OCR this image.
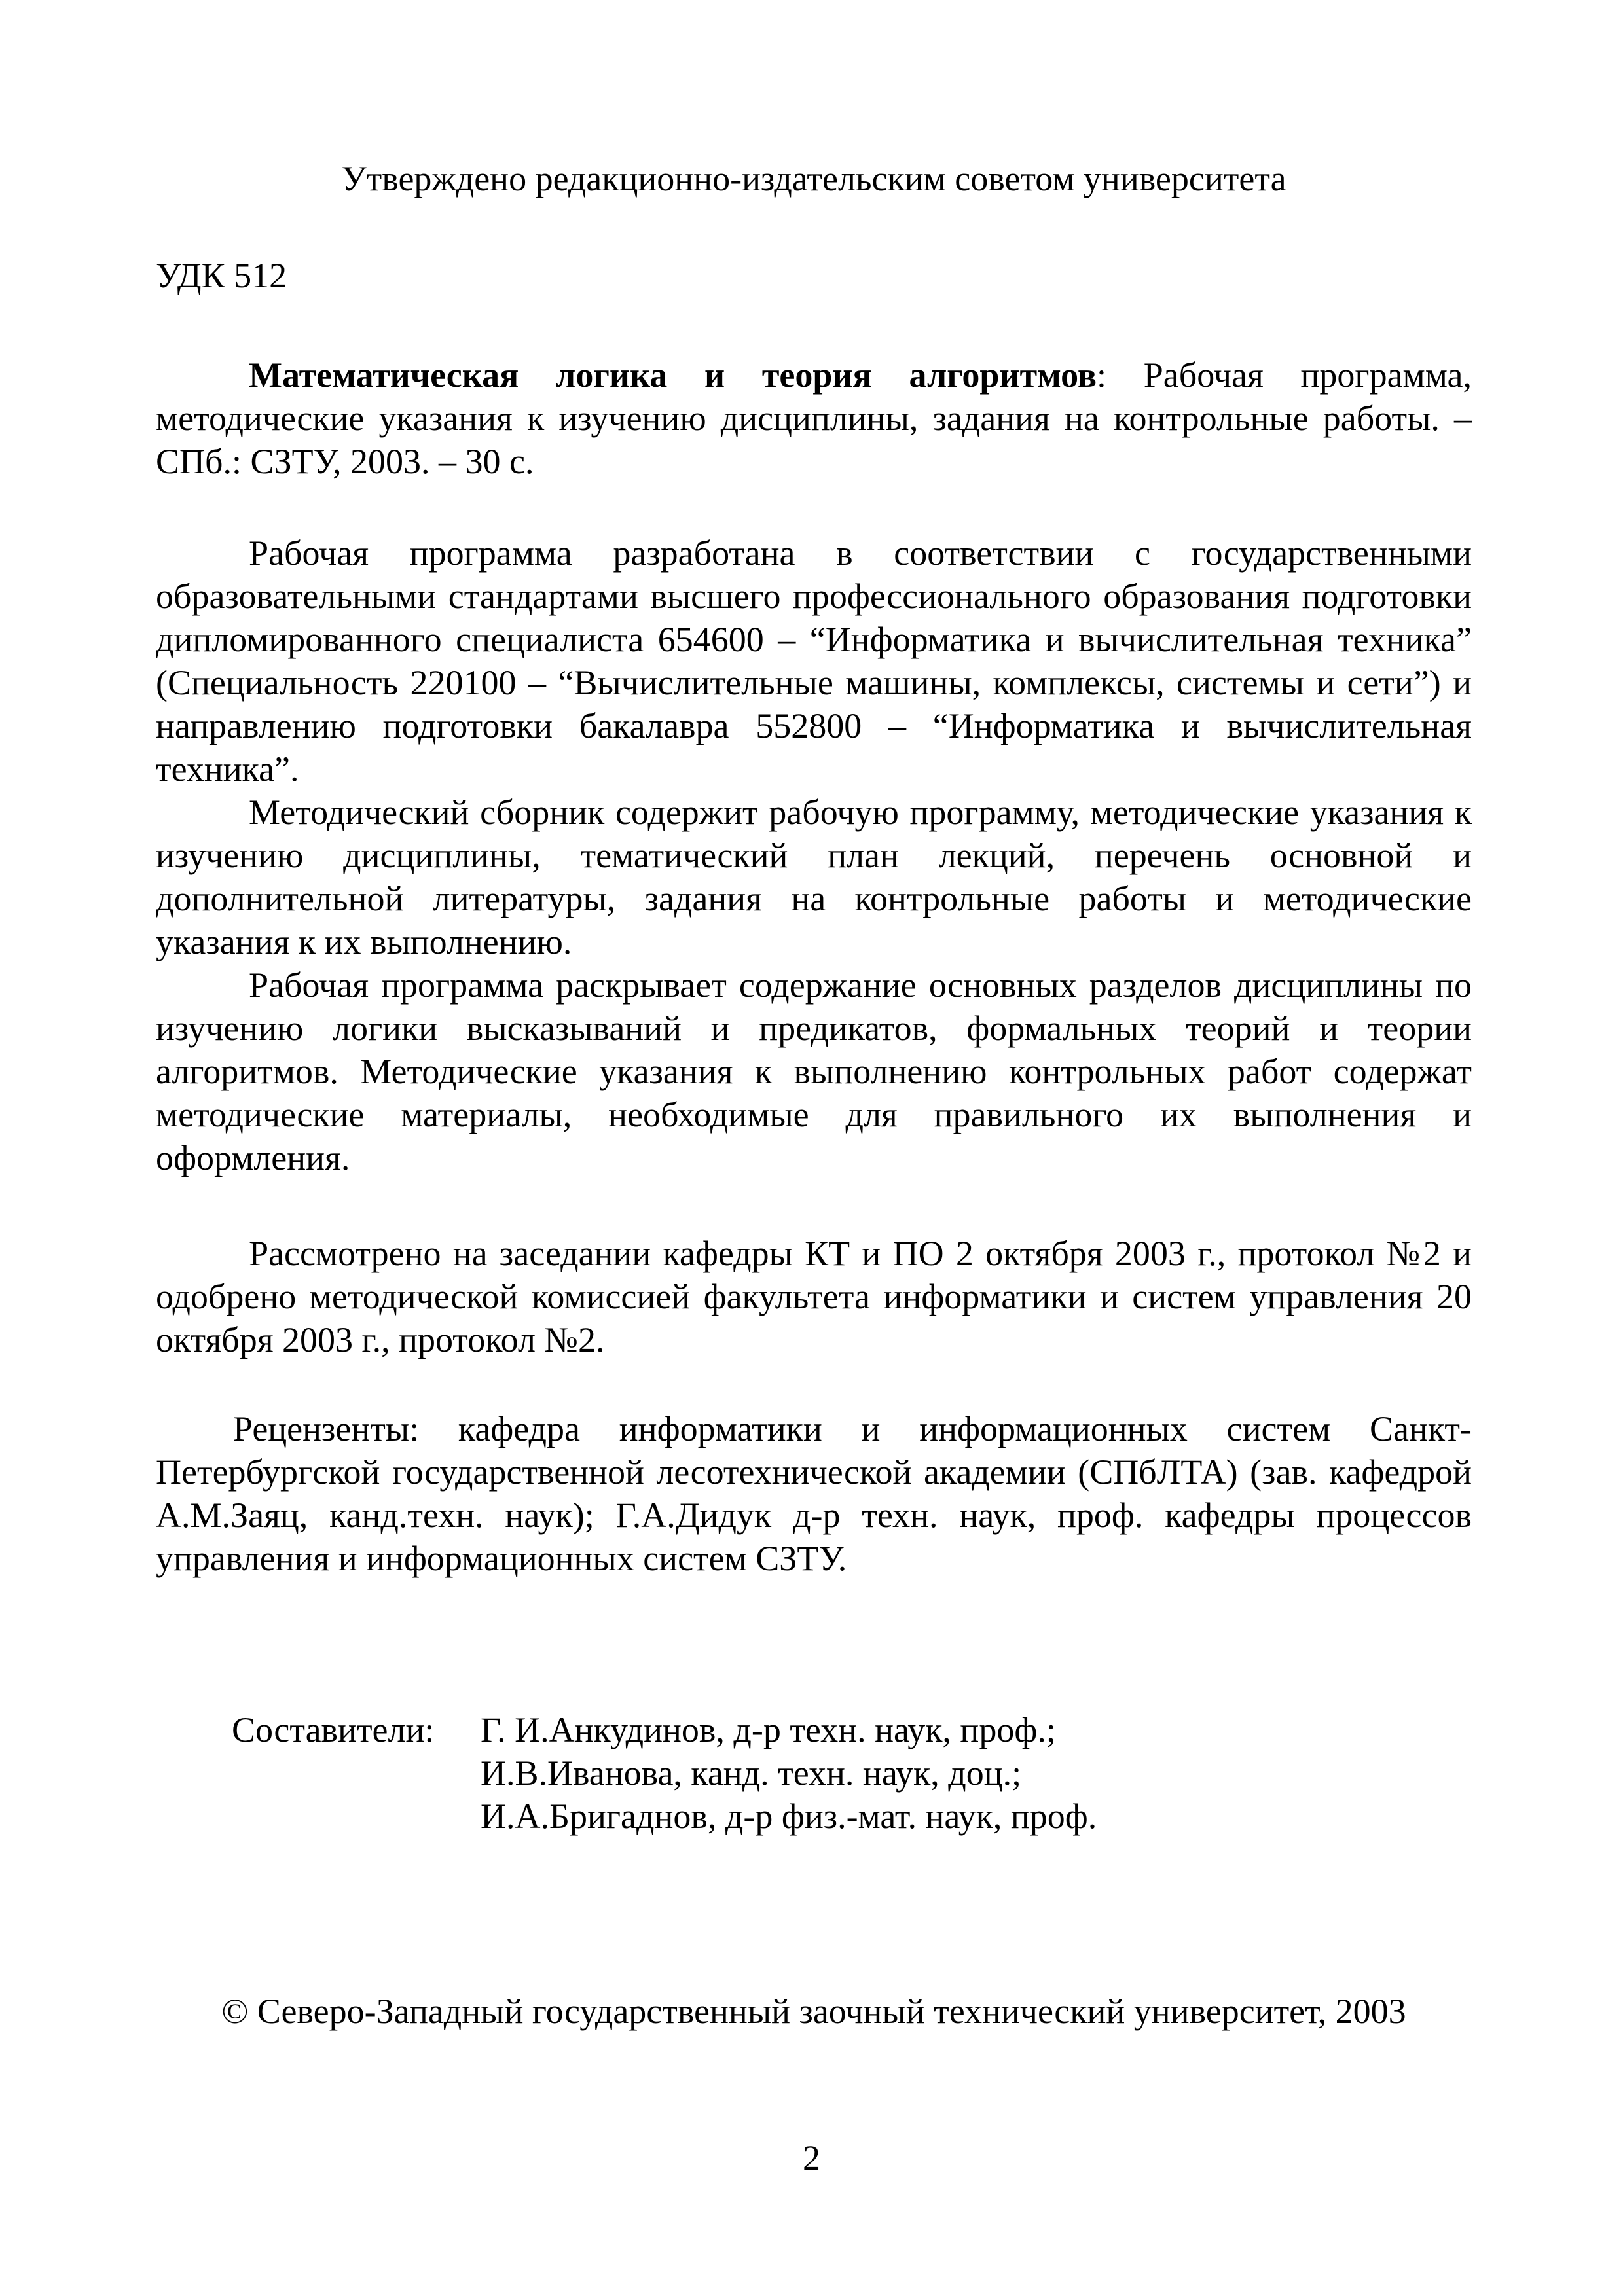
Утверждено редакционно-издательским советом университета
УДК 512

Математическая логика и теория алгоритмов: Рабочая программа, методические указания к изучению дисциплины, задания на контрольные работы. – СПб.: СЗТУ, 2003. – 30 с.

Рабочая программа разработана в соответствии с государственными образовательными стандартами высшего профессионального образования подготовки дипломированного специалиста 654600 – “Информатика и вычислительная техника” (Специальность 220100 – “Вычислительные машины, комплексы, системы и сети”) и направлению подготовки бакалавра 552800 – “Информатика и вычислительная техника”.

Методический сборник содержит рабочую программу, методические указания к изучению дисциплины, тематический план лекций, перечень основной и дополнительной литературы, задания на контрольные работы и методические указания к их выполнению.

Рабочая программа раскрывает содержание основных разделов дисциплины по изучению логики высказываний и предикатов, формальных теорий и теории алгоритмов. Методические указания к выполнению контрольных работ содержат методические материалы, необходимые для правильного их выполнения и оформления.

Рассмотрено на заседании кафедры КТ и ПО 2 октября 2003 г., протокол №2 и одобрено методической комиссией факультета информатики и систем управления 20 октября 2003 г., протокол №2.

Рецензенты: кафедра информатики и информационных систем Санкт-Петербургской государственной лесотехнической академии (СПбЛТА) (зав. кафедрой А.М.Заяц, канд.техн. наук); Г.А.Дидук д-р техн. наук, проф. кафедры процессов управления и информационных систем СЗТУ.

Составители: Г. И.Анкудинов, д-р техн. наук, проф.;
И.В.Иванова, канд. техн. наук, доц.;
И.А.Бригаднов, д-р физ.-мат. наук, проф.
© Северо-Западный государственный заочный технический университет, 2003
2
